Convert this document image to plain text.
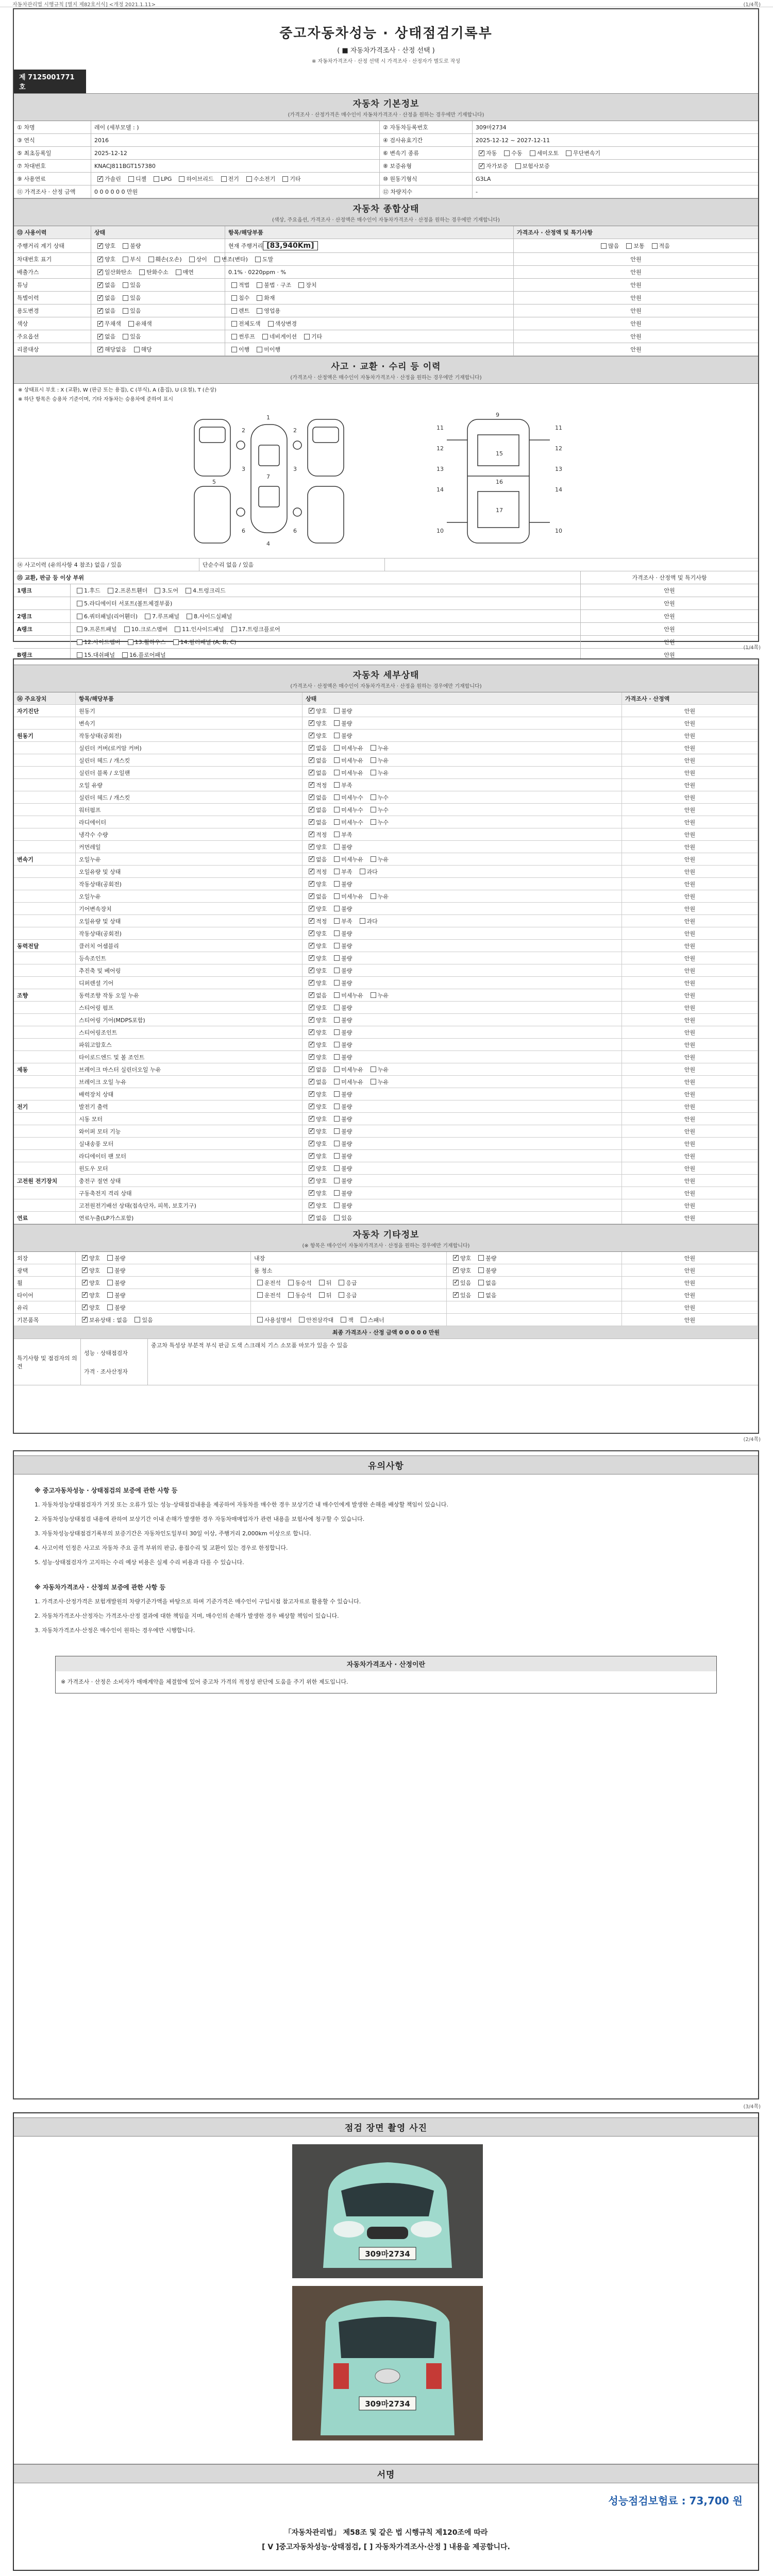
자동차관리법 시행규칙 [별지 제82호서식] <개정 2021.1.11>	(1/4쪽)
중고자동차성능 · 상태점검기록부
( ■ 자동차가격조사 · 산정 선택 )
※ 자동차가격조사 · 산정 선택 시 가격조사 · 산정자가 별도로 작성
제 7125001771호
자동차 기본정보
(가격조사 · 산정가격은 매수인이 자동차가격조사 · 산정을 원하는 경우에만 기재합니다)
① 차명	레이 (세부모델 : )	② 자동차등록번호	309마2734
③ 연식	2016	④ 검사유효기간	2025-12-12 ~ 2027-12-11
⑤ 최초등록일	2025-12-12	⑥ 변속기 종류 ✓	자동	수동	세미오토	무단변속기
⑦ 차대번호	KNACJ811BGT157380	⑧ 보증유형 ✓	자가보증	보험사보증
⑨ 사용연료 ✓	가솔린	디젤	LPG	하이브리드	전기	수소전기	기타	⑩ 원동기형식	G3LA
⑪ 가격조사 · 산정 금액	0 0 0 0 0 0 만원	⑫ 차량지수	-
자동차 종합상태
(색상, 주요옵션, 가격조사 · 산정액은 매수인이 자동차가격조사 · 산정을 원하는 경우에만 기재합니다)
⑬ 사용이력	상태	항목/해당부품	가격조사 · 산정액 및 특기사항
주행거리 계기 상태 ✓	양호	불량	현재 주행거리 [83,940Km]	많음	보통	적음
차대번호 표기 ✓	양호	부식	훼손(오손)	상이	변조(변타)	도말	안원
배출가스 ✓	일산화탄소	탄화수소	매연	0.1% · 0220ppm · %	안원
튜닝 ✓	없음	있음	적법	불법 · 구조	장치	안원
특별이력 ✓	없음	있음	침수	화재	안원
용도변경 ✓	없음	있음	렌트	영업용	안원
색상 ✓	무채색	유채색	전체도색	색상변경	안원
주요옵션 ✓	없음	있음	썬루프	네비게이션	기타	안원
리콜대상 ✓	해당없음	해당	이행	미이행	안원
사고 · 교환 · 수리 등 이력
(가격조사 · 산정액은 매수인이 자동차가격조사 · 산정을 원하는 경우에만 기재합니다)
※ 상태표시 부호 : X (교환), W (판금 또는 용접), C (부식), A (흠집), U (요철), T (손상)
※ 하단 항목은 승용차 기준이며, 기타 자동차는 승용차에 준하여 표시
1
3	3
4
7
2	2
6	6
5
11	11
12	12
13	13
14	14
16
15
17
9
10	10
⑭ 사고이력 (유의사항 4 참조) 없음 / 있음	단순수리 없음 / 있음
⑮ 교환, 판금 등 이상 부위	가격조사 · 산정액 및 특기사항
1랭크	1.후드	2.프론트휀더	3.도어	4.트렁크리드	안원
5.라디에이터 서포트(볼트체결부품)	안원
2랭크	6.쿼터패널(리어휀더)	7.루프패널	8.사이드실패널	안원
A랭크	9.프론트패널	10.크로스멤버	11.인사이드패널	17.트렁크플로어	안원
12.사이드멤버	13.휠하우스	14.필러패널 (A, B, C)	안원
B랭크	15.대쉬패널	16.플로어패널	안원
(1/4쪽)
자동차 세부상태
(가격조사 · 산정액은 매수인이 자동차가격조사 · 산정을 원하는 경우에만 기재합니다)
⑯ 주요장치	항목/해당부품	상태	가격조사 · 산정액
자기진단	원동기 ✓	양호	불량	안원
변속기 ✓	양호	불량	안원
원동기	작동상태(공회전) ✓	양호	불량	안원
실린더 커버(로커암 커버) ✓	없음	미세누유	누유	안원
실린더 헤드 / 개스킷 ✓	없음	미세누유	누유	안원
실린더 블록 / 오일팬 ✓	없음	미세누유	누유	안원
오일 유량 ✓	적정	부족	안원
실린더 헤드 / 개스킷 ✓	없음	미세누수	누수	안원
워터펌프 ✓	없음	미세누수	누수	안원
라디에이터 ✓	없음	미세누수	누수	안원
냉각수 수량 ✓	적정	부족	안원
커먼레일 ✓	양호	불량	안원
변속기	오일누유 ✓	없음	미세누유	누유	안원
오일유량 및 상태 ✓	적정	부족	과다	안원
작동상태(공회전) ✓	양호	불량	안원
오일누유 ✓	없음	미세누유	누유	안원
기어변속장치 ✓	양호	불량	안원
오일유량 및 상태 ✓	적정	부족	과다	안원
작동상태(공회전) ✓	양호	불량	안원
동력전달	클러치 어셈블리 ✓	양호	불량	안원
등속조인트 ✓	양호	불량	안원
추진축 및 베어링 ✓	양호	불량	안원
디퍼렌셜 기어 ✓	양호	불량	안원
조향	동력조향 작동 오일 누유 ✓	없음	미세누유	누유	안원
스티어링 펌프 ✓	양호	불량	안원
스티어링 기어(MDPS포함) ✓	양호	불량	안원
스티어링조인트 ✓	양호	불량	안원
파워고압호스 ✓	양호	불량	안원
타이로드엔드 및 볼 조인트 ✓	양호	불량	안원
제동	브레이크 마스터 실린더오일 누유 ✓	없음	미세누유	누유	안원
브레이크 오일 누유 ✓	없음	미세누유	누유	안원
배력장치 상태 ✓	양호	불량	안원
전기	발전기 출력 ✓	양호	불량	안원
시동 모터 ✓	양호	불량	안원
와이퍼 모터 기능 ✓	양호	불량	안원
실내송풍 모터 ✓	양호	불량	안원
라디에이터 팬 모터 ✓	양호	불량	안원
윈도우 모터 ✓	양호	불량	안원
고전원 전기장치	충전구 절연 상태 ✓	양호	불량	안원
구동축전지 격리 상태 ✓	양호	불량	안원
고전원전기배선 상태(접속단자, 피복, 보호기구) ✓	양호	불량	안원
연료	연료누출(LP가스포함) ✓	없음	있음	안원
자동차 기타정보
(※ 항목은 매수인이 자동차가격조사 · 산정을 원하는 경우에만 기재합니다)
외장 ✓	양호	불량	내장 ✓	양호	불량	안원
광택 ✓	양호	불량	룸 청소 ✓	양호	불량	안원
휠 ✓	양호	불량	운전석	동승석	뒤	응급 ✓	있음	없음	안원
타이어 ✓	양호	불량	운전석	동승석	뒤	응급 ✓	있음	없음	안원
유리 ✓	양호	불량	안원
기본품목 ✓	보유상태 : 없음	있음	사용설명서	안전삼각대	잭	스패너	안원
최종 가격조사 · 산정 금액 0 0 0 0 0 만원
특기사항 및 점검자의 의견
성능 · 상태점검자
가격 · 조사산정자
중고차 특성상 부분적 부식 판금 도색 스크래치 기스 소모품 마모가 있을 수 있음
(2/4쪽)
유의사항

※ 중고자동차성능 · 상태점검의 보증에 관한 사항 등

1. 자동차성능상태점검자가 거짓 또는 오류가 있는 성능·상태점검내용을 제공하여 자동차를 매수한 경우 보상기간 내 매수인에게 발생한 손해를 배상할 책임이 있습니다.

2. 자동차성능상태점검 내용에 관하여 보상기간 이내 손해가 발생한 경우 자동차매매업자가 관련 내용을 보험사에 청구할 수 있습니다.

3. 자동차성능상태점검기록부의 보증기간은 자동차인도일부터 30일 이상, 주행거리 2,000km 이상으로 합니다.

4. 사고이력 인정은 사고로 자동차 주요 골격 부위의 판금, 용접수리 및 교환이 있는 경우로 한정합니다.

5. 성능·상태점검자가 고지하는 수리 예상 비용은 실제 수리 비용과 다를 수 있습니다.

※ 자동차가격조사 · 산정의 보증에 관한 사항 등

1. 가격조사·산정가격은 보험개발원의 차량기준가액을 바탕으로 하며 기준가격은 매수인이 구입시점 참고자료로 활용할 수 있습니다.

2. 자동차가격조사·산정자는 가격조사·산정 결과에 대한 책임을 지며, 매수인의 손해가 발생한 경우 배상할 책임이 있습니다.

3. 자동차가격조사·산정은 매수인이 원하는 경우에만 시행합니다.

자동차가격조사 · 산정이란

※ 가격조사 · 산정은 소비자가 매매계약을 체결함에 있어 중고차 가격의 적정성 판단에 도움을 주기 위한 제도입니다.

(3/4쪽)
점검 장면 촬영 사진
309마2734
309마2734
서명
성능점검보험료 : 73,700 원
「자동차관리법」 제58조 및 같은 법 시행규칙 제120조에 따라
[ V ]중고자동차성능·상태점검, [ ] 자동차가격조사·산정 ] 내용을 제공합니다.
